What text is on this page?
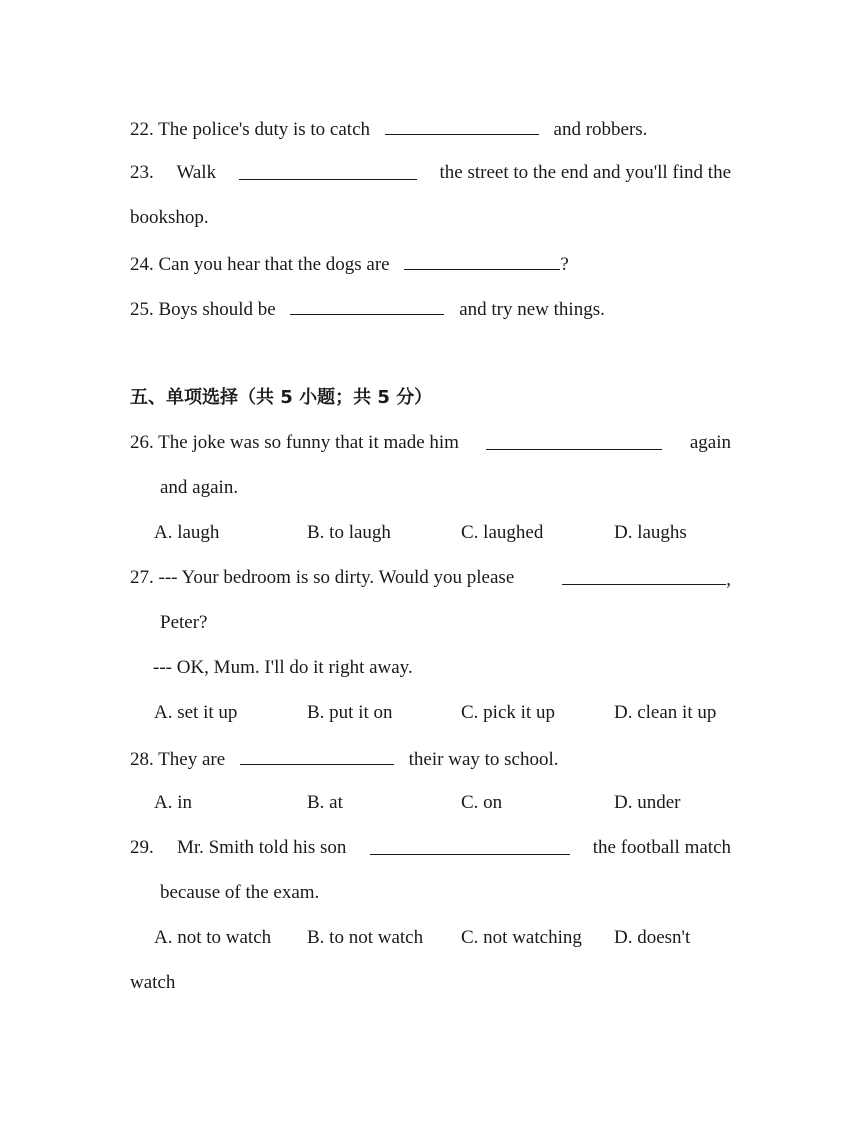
22. The police's duty is to catch	and robbers.
23. Walk	the street to the end and you'll find the
bookshop.
24. Can you hear that the dogs are	?
25. Boys should be	and try new things.
五、单项选择（共 5 小题；共 5 分）
26. The joke was so funny that it made him	again
and again.
A. laugh	B. to laugh	C. laughed	D. laughs
27. --- Your bedroom is so dirty. Would you please	,
Peter?
--- OK, Mum. I'll do it right away.
A. set it up	B. put it on	C. pick it up	D. clean it up
28. They are	their way to school.
A. in	B. at	C. on	D. under
29. Mr. Smith told his son	the football match
because of the exam.
A. not to watch B. to not watch C. not watching D. doesn't
watch
